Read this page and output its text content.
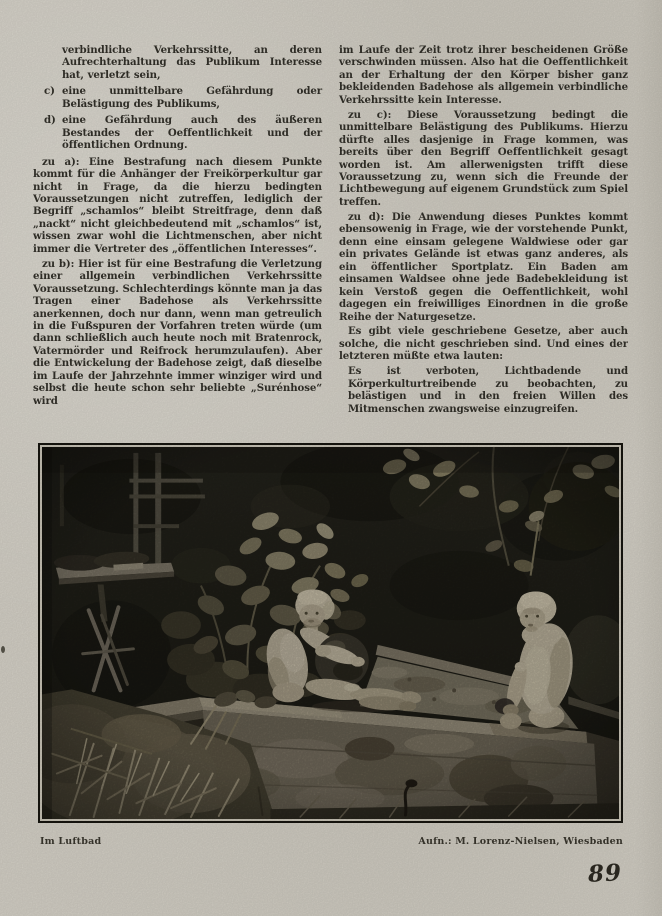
verbindliche Verkehrssitte, an deren Aufrechterhaltung das Publikum Interesse hat, verletzt sein,
c) eine unmittelbare Gefährdung oder Belästigung des Publikums,
d) eine Gefährdung auch des äußeren Bestandes der Oeffentlichkeit und der öffentlichen Ordnung.

zu a): Eine Bestrafung nach diesem Punkte kommt für die Anhänger der Freikörperkultur gar nicht in Frage, da die hierzu bedingten Voraussetzungen nicht zutreffen, lediglich der Begriff „schamlos“ bleibt Streitfrage, denn daß „nackt“ nicht gleichbedeutend mit „schamlos“ ist, wissen zwar wohl die Lichtmenschen, aber nicht immer die Vertreter des „öffentlichen Interesses“.

zu b): Hier ist für eine Bestrafung die Verletzung einer allgemein verbindlichen Verkehrssitte Voraussetzung. Schlechterdings könnte man ja das Tragen einer Badehose als Verkehrssitte anerkennen, doch nur dann, wenn man getreulich in die Fußspuren der Vorfahren treten würde (um dann schließlich auch heute noch mit Bratenrock, Vatermörder und Reifrock herumzulaufen). Aber die Entwickelung der Badehose zeigt, daß dieselbe im Laufe der Jahrzehnte immer winziger wird und selbst die heute schon sehr beliebte „Surénhose“ wird

im Laufe der Zeit trotz ihrer bescheidenen Größe verschwinden müssen. Also hat die Oeffentlichkeit an der Erhaltung der den Körper bisher ganz bekleidenden Badehose als allgemein verbindliche Verkehrssitte kein Interesse.

zu c): Diese Voraussetzung bedingt die unmittelbare Belästigung des Publikums. Hierzu dürfte alles dasjenige in Frage kommen, was bereits über den Begriff Oeffentlichkeit gesagt worden ist. Am allerwenigsten trifft diese Voraussetzung zu, wenn sich die Freunde der Lichtbewegung auf eigenem Grundstück zum Spiel treffen.

zu d): Die Anwendung dieses Punktes kommt ebensowenig in Frage, wie der vorstehende Punkt, denn eine einsam gelegene Waldwiese oder gar ein privates Gelände ist etwas ganz anderes, als ein öffentlicher Sportplatz. Ein Baden am einsamen Waldsee ohne jede Badebekleidung ist kein Verstoß gegen die Oeffentlichkeit, wohl dagegen ein freiwilliges Einordnen in die große Reihe der Naturgesetze.

Es gibt viele geschriebene Gesetze, aber auch solche, die nicht geschrieben sind. Und eines der letzteren müßte etwa lauten:

Es ist verboten, Lichtbadende und Körperkulturtreibende zu beobachten, zu belästigen und in den freien Willen des Mitmenschen zwangsweise einzugreifen.

Im Luftbad	Aufn.: M. Lorenz-Nielsen, Wiesbaden
89
